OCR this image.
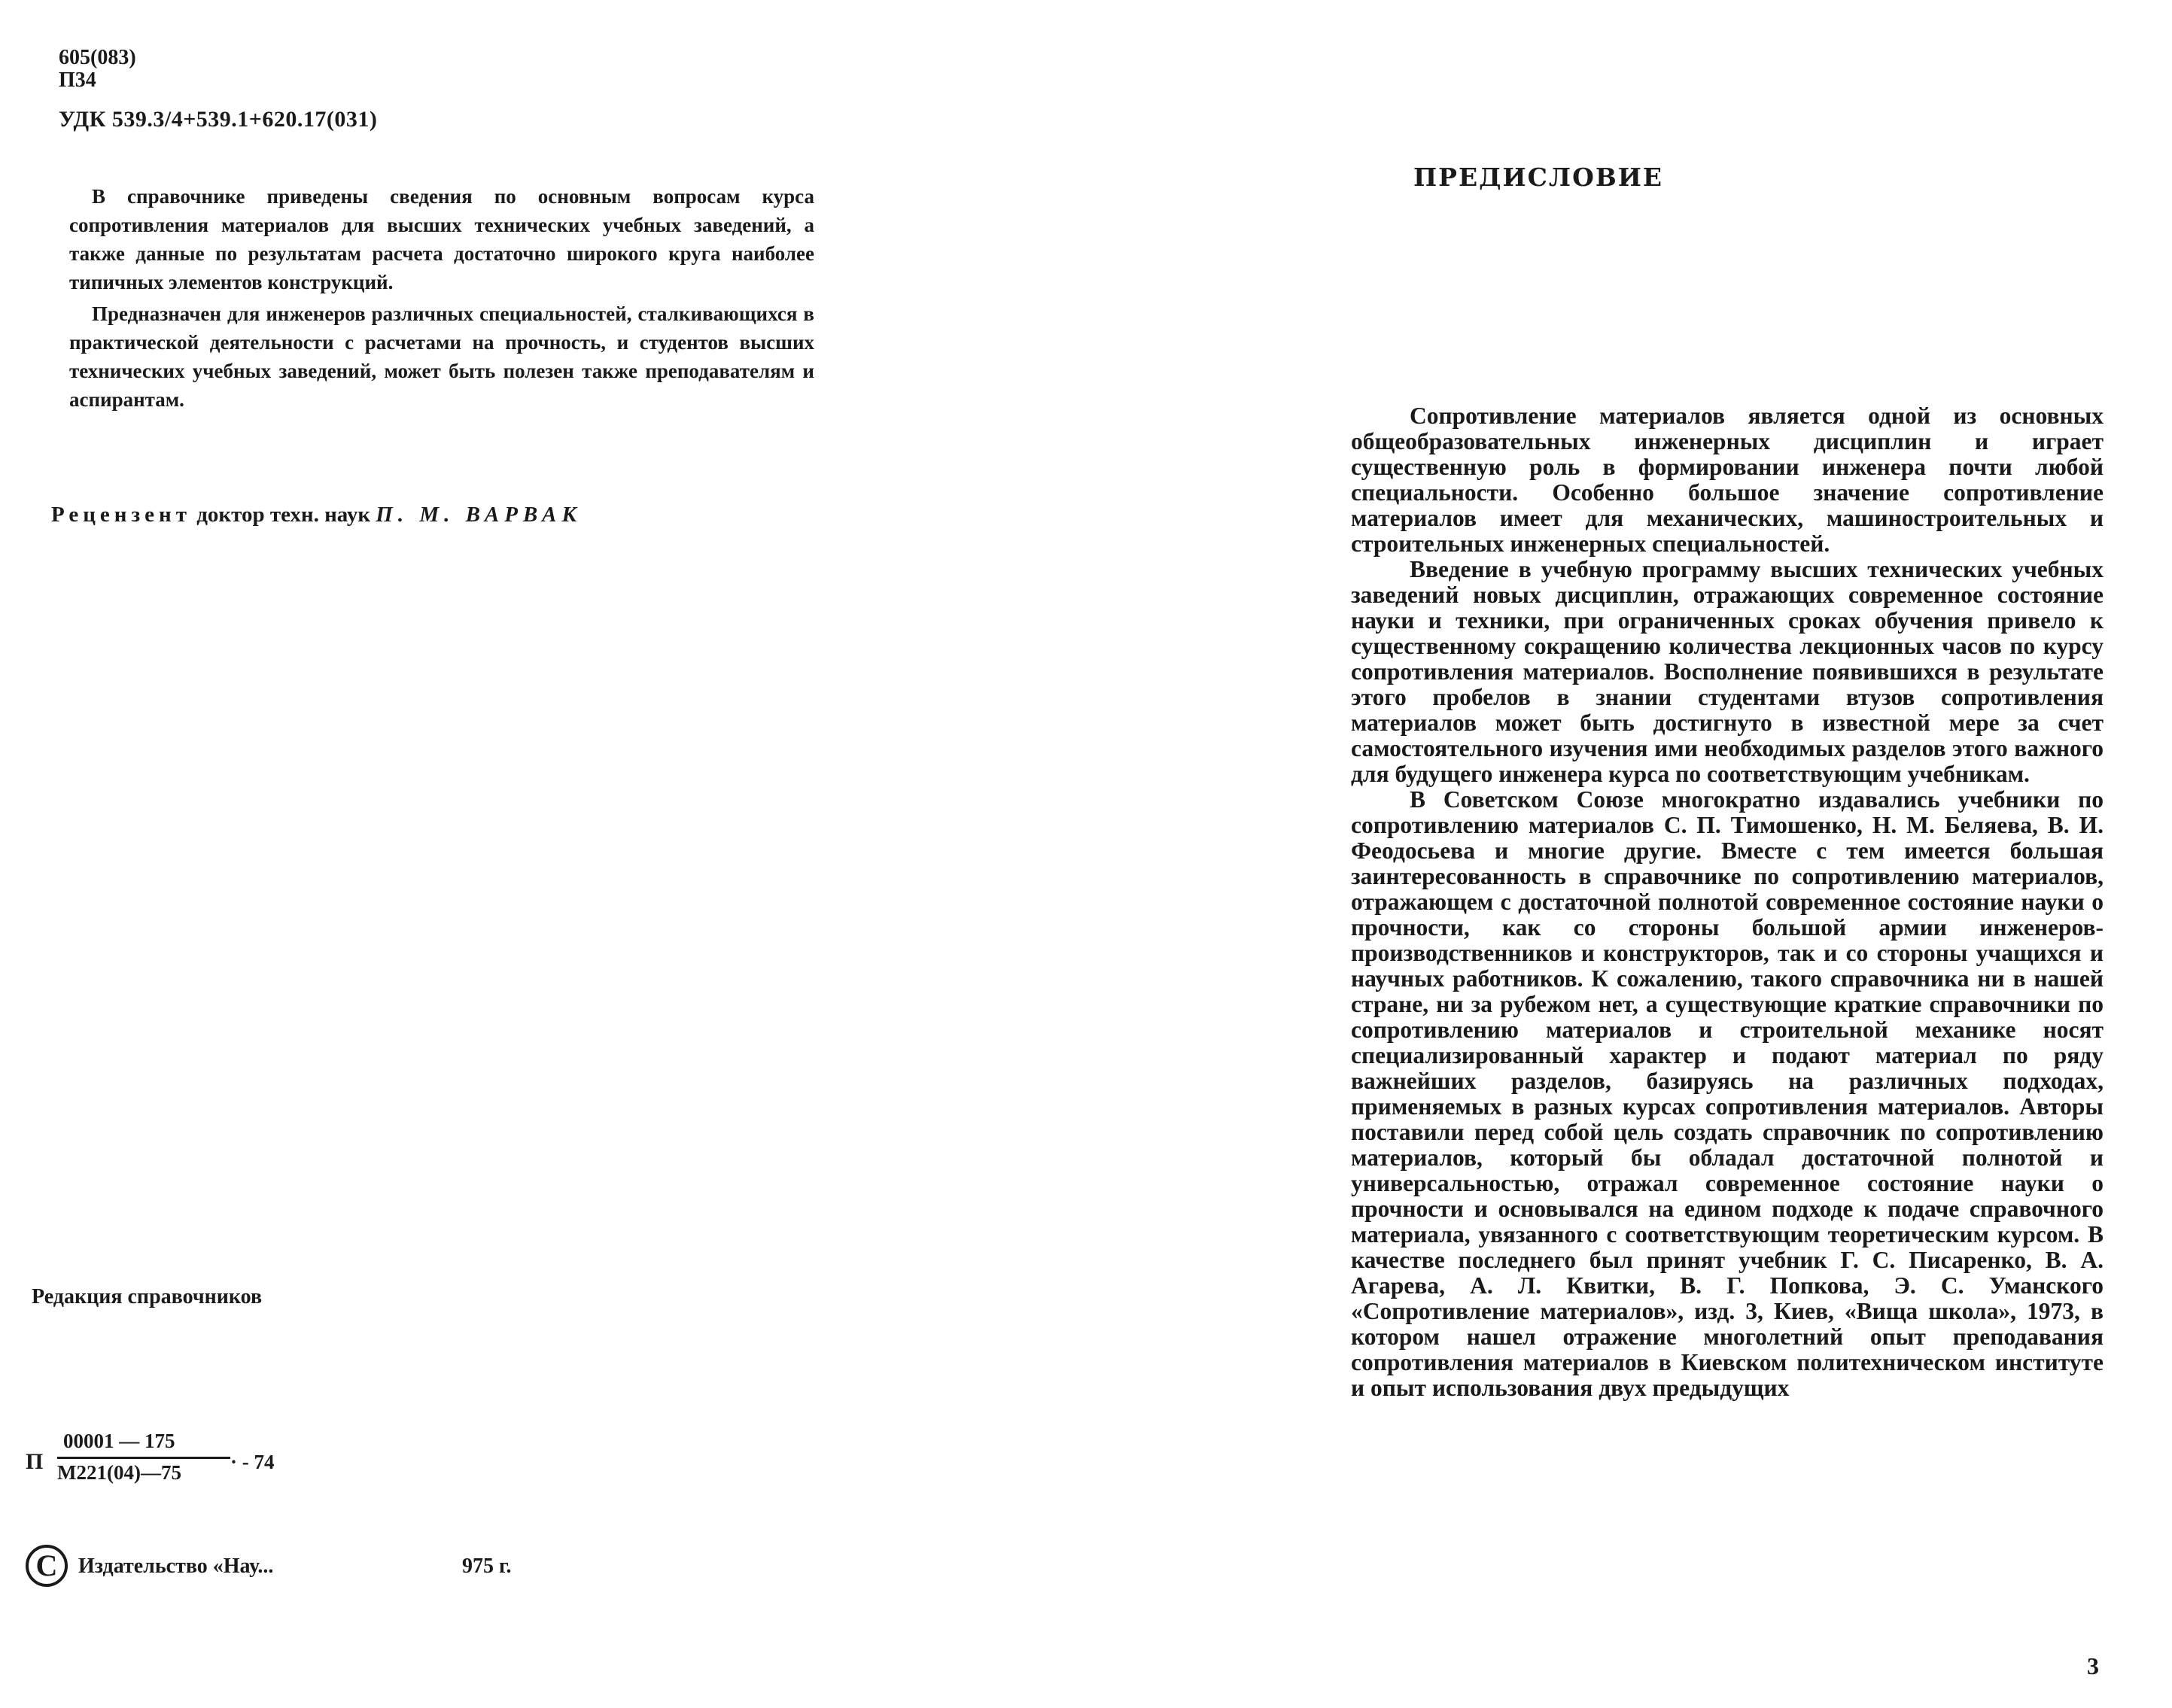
605(083)
П34
УДК 539.3/4+539.1+620.17(031)

В справочнике приведены сведения по основным вопросам курса сопротивления материалов для высших технических учебных заведений, а также данные по результатам расчета достаточно широкого круга наиболее типичных элементов конструкций.

Предназначен для инженеров различных специальностей, сталкивающихся в практической деятельности с расчетами на прочность, и студентов высших технических учебных заведений, может быть полезен также преподавателям и аспирантам.

Рецензент доктор техн. наук П. М. ВАРВАК
Редакция справочников
П
00001 — 175
М221(04)—75 · - 74
C Издательство «Нау...	975 г.
ПРЕДИСЛОВИЕ

Сопротивление материалов является одной из основных общеобразовательных инженерных дисциплин и играет существенную роль в формировании инженера почти любой специальности. Особенно большое значение сопротивление материалов имеет для механических, машиностроительных и строительных инженерных специальностей.

Введение в учебную программу высших технических учебных заведений новых дисциплин, отражающих современное состояние науки и техники, при ограниченных сроках обучения привело к существенному сокращению количества лекционных часов по курсу сопротивления материалов. Восполнение появившихся в результате этого пробелов в знании студентами втузов сопротивления материалов может быть достигнуто в известной мере за счет самостоятельного изучения ими необходимых разделов этого важного для будущего инженера курса по соответствующим учебникам.

В Советском Союзе многократно издавались учебники по сопротивлению материалов С. П. Тимошенко, Н. М. Беляева, В. И. Феодосьева и многие другие. Вместе с тем имеется большая заинтересованность в справочнике по сопротивлению материалов, отражающем с достаточной полнотой современное состояние науки о прочности, как со стороны большой армии инженеров-производственников и конструкторов, так и со стороны учащихся и научных работников. К сожалению, такого справочника ни в нашей стране, ни за рубежом нет, а существующие краткие справочники по сопротивлению материалов и строительной механике носят специализированный характер и подают материал по ряду важнейших разделов, базируясь на различных подходах, применяемых в разных курсах сопротивления материалов. Авторы поставили перед собой цель создать справочник по сопротивлению материалов, который бы обладал достаточной полнотой и универсальностью, отражал современное состояние науки о прочности и основывался на едином подходе к подаче справочного материала, увязанного с соответствующим теоретическим курсом. В качестве последнего был принят учебник Г. С. Писаренко, В. А. Агарева, А. Л. Квитки, В. Г. Попкова, Э. С. Уманского «Сопротивление материалов», изд. 3, Киев, «Вища школа», 1973, в котором нашел отражение многолетний опыт преподавания сопротивления материалов в Киевском политехническом институте и опыт использования двух предыдущих

3
